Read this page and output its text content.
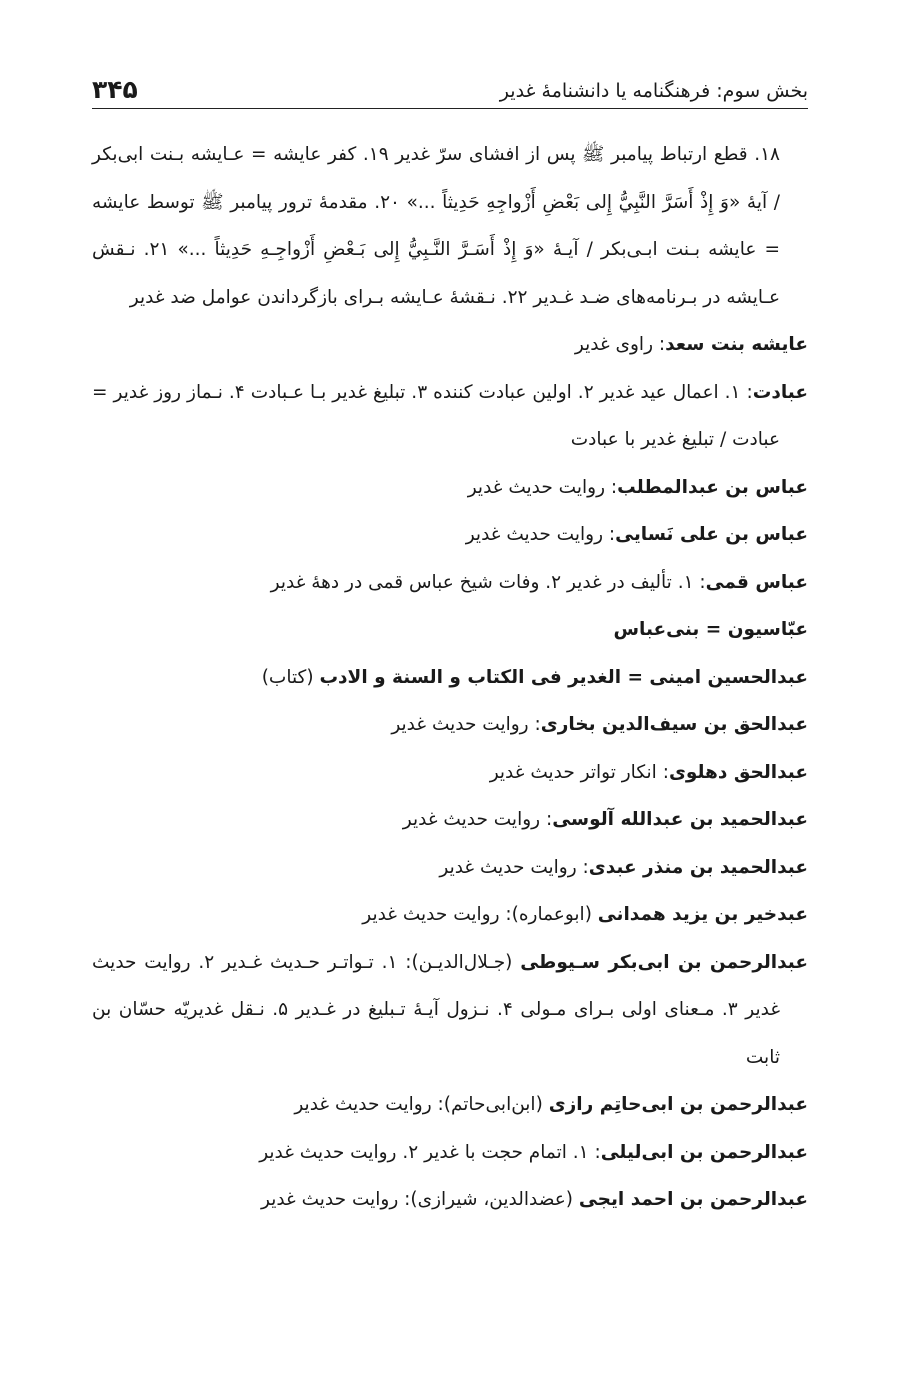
بخش سوم: فرهنگنامه یا دانشنامهٔ غدیر
۳۴۵

۱۸. قطع ارتباط پیامبر ﷺ پس از افشای سرّ غدیر ۱۹. کفر عایشه = عـایشه بـنت ابی‌بکر / آیهٔ «وَ إِذْ أَسَرَّ النَّبِيُّ إِلى بَعْضِ أَزْواجِهِ حَدِيثاً ...» ۲۰. مقدمهٔ ترور پیامبر ﷺ توسط عایشه = عایشه بـنت ابـی‌بکر / آیـهٔ «وَ إِذْ أَسَـرَّ النَّـبِيُّ إِلى بَـعْضِ أَزْواجِـهِ حَدِيثاً ...» ۲۱. نـقش عـایشه در بـرنامه‌های ضـد غـدیر ۲۲. نـقشهٔ عـایشه بـرای بازگرداندن عوامل ضد غدیر

عایشه بنت سعد: راوی غدیر

عبادت: ۱. اعمال عید غدیر ۲. اولین عبادت کننده ۳. تبلیغ غدیر بـا عـبادت ۴. نـماز روز غدیر = عبادت / تبلیغ غدیر با عبادت

عباس بن عبدالمطلب: روایت حدیث غدیر

عباس بن علی نَسایی: روایت حدیث غدیر

عباس قمی: ۱. تألیف در غدیر ۲. وفات شیخ عباس قمی در دههٔ غدیر

عبّاسیون = بنی‌عباس

عبدالحسین امینی = الغدیر فی الکتاب و السنة و الادب (کتاب)

عبدالحق بن سیف‌الدین بخاری: روایت حدیث غدیر

عبدالحق دهلوی: انکار تواتر حدیث غدیر

عبدالحمید بن عبدالله آلوسی: روایت حدیث غدیر

عبدالحمید بن منذر عبدی: روایت حدیث غدیر

عبدخیر بن یزید همدانی (ابوعماره): روایت حدیث غدیر

عبدالرحمن بن ابی‌بکر سـیوطی (جـلال‌الدیـن): ۱. تـواتـر حـدیث غـدیر ۲. روایت حدیث غدیر ۳. مـعنای اولی بـرای مـولی ۴. نـزول آیـهٔ تـبلیغ در غـدیر ۵. نـقل غدیریّه حسّان بن ثابت

عبدالرحمن بن ابی‌حاتِم رازی (ابن‌ابی‌حاتم): روایت حدیث غدیر

عبدالرحمن بن ابی‌لیلی: ۱. اتمام حجت با غدیر ۲. روایت حدیث غدیر

عبدالرحمن بن احمد ایجی (عضدالدین، شیرازی): روایت حدیث غدیر
